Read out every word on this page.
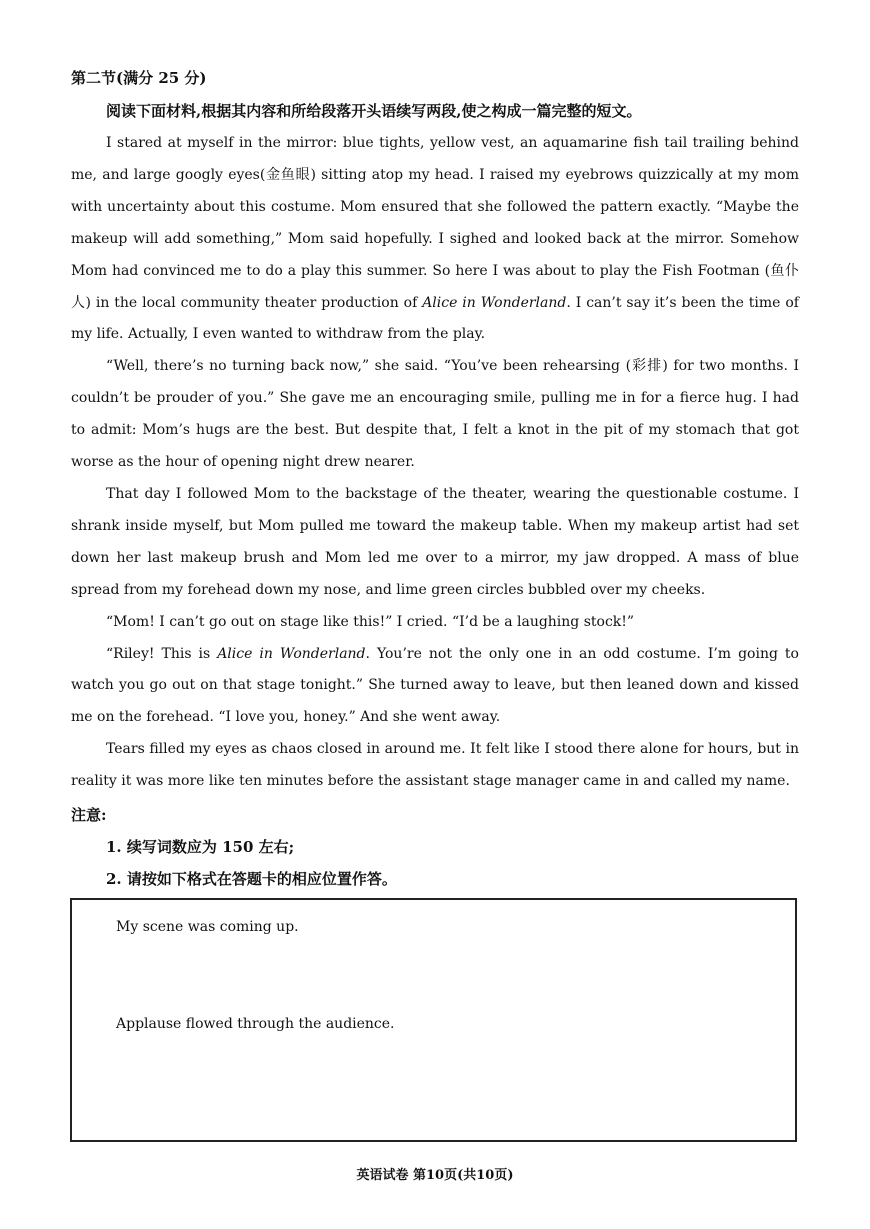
第二节(满分 25 分)
阅读下面材料,根据其内容和所给段落开头语续写两段,使之构成一篇完整的短文。

I stared at myself in the mirror: blue tights, yellow vest, an aquamarine fish tail trailing behind me, and large googly eyes(金鱼眼) sitting atop my head. I raised my eyebrows quizzically at my mom with uncertainty about this costume. Mom ensured that she followed the pattern exactly. “Maybe the makeup will add something,” Mom said hopefully. I sighed and looked back at the mirror. Somehow Mom had convinced me to do a play this summer. So here I was about to play the Fish Footman (鱼仆人) in the local community theater production of Alice in Wonderland. I can’t say it’s been the time of my life. Actually, I even wanted to withdraw from the play.

“Well, there’s no turning back now,” she said. “You’ve been rehearsing (彩排) for two months. I couldn’t be prouder of you.” She gave me an encouraging smile, pulling me in for a fierce hug. I had to admit: Mom’s hugs are the best. But despite that, I felt a knot in the pit of my stomach that got worse as the hour of opening night drew nearer.

That day I followed Mom to the backstage of the theater, wearing the questionable costume. I shrank inside myself, but Mom pulled me toward the makeup table. When my makeup artist had set down her last makeup brush and Mom led me over to a mirror, my jaw dropped. A mass of blue spread from my forehead down my nose, and lime green circles bubbled over my cheeks.

“Mom! I can’t go out on stage like this!” I cried. “I’d be a laughing stock!”

“Riley! This is Alice in Wonderland. You’re not the only one in an odd costume. I’m going to watch you go out on that stage tonight.” She turned away to leave, but then leaned down and kissed me on the forehead. “I love you, honey.” And she went away.

Tears filled my eyes as chaos closed in around me. It felt like I stood there alone for hours, but in reality it was more like ten minutes before the assistant stage manager came in and called my name.

注意:
1. 续写词数应为 150 左右;
2. 请按如下格式在答题卡的相应位置作答。
My scene was coming up.
Applause flowed through the audience.
英语试卷 第10页(共10页)
